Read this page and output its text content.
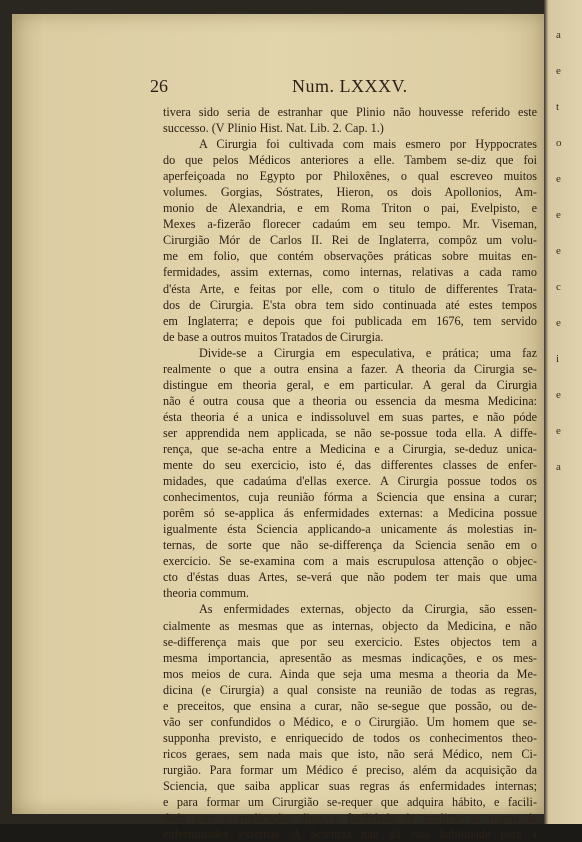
a
e
t
o
e
e
e
c
e
i
e
e
a
26	Num. LXXXV.
tivera sido seria de estranhar que Plinio não houvesse referido este
successo. (V Plinio Hist. Nat. Lib. 2. Cap. 1.)
A Cirurgia foi cultivada com mais esmero por Hyppocrates
do que pelos Médicos anteriores a elle. Tambem se-diz que foi
aperfeiçoada no Egypto por Philoxênes, o qual escreveo muitos
volumes. Gorgias, Sóstrates, Hieron, os dois Apollonios, Am-
monio de Alexandria, e em Roma Triton o pai, Evelpisto, e
Mexes a-fizerão florecer cadaúm em seu tempo. Mr. Viseman,
Cirurgião Mór de Carlos II. Rei de Inglaterra, compôz um volu-
me em folio, que contém observações práticas sobre muitas en-
fermidades, assim externas, como internas, relativas a cada ramo
d'ésta Arte, e feitas por elle, com o titulo de differentes Trata-
dos de Cirurgia. E'sta obra tem sido continuada até estes tempos
em Inglaterra; e depois que foi publicada em 1676, tem servido
de base a outros muitos Tratados de Cirurgia.
Divide-se a Cirurgia em especulativa, e prática; uma faz
realmente o que a outra ensina a fazer. A theoria da Cirurgia se-
distingue em theoria geral, e em particular. A geral da Cirurgia
não é outra cousa que a theoria ou essencia da mesma Medicina:
ésta theoria é a unica e indissoluvel em suas partes, e não póde
ser apprendida nem applicada, se não se-possue toda ella. A diffe-
rença, que se-acha entre a Medicina e a Cirurgia, se-deduz unica-
mente do seu exercicio, isto é, das differentes classes de enfer-
midades, que cadaúma d'ellas exerce. A Cirurgia possue todos os
conhecimentos, cuja reunião fórma a Sciencia que ensina a curar;
porêm só se-applica ás enfermidades externas: a Medicina possue
igualmente ésta Sciencia applicando-a unicamente ás molestias in-
ternas, de sorte que não se-differença da Sciencia senão em o
exercicio. Se se-examina com a mais escrupulosa attenção o objec-
cto d'éstas duas Artes, se-verá que não podem ter mais que uma
theoria commum.
As enfermidades externas, objecto da Cirurgia, são essen-
cialmente as mesmas que as internas, objecto da Medicina, e não
se-differença mais que por seu exercicio. Estes objectos tem a
mesma importancia, apresentão as mesmas indicações, e os mes-
mos meios de cura. Ainda que seja uma mesma a theoria da Me-
dicina (e Cirurgia) a qual consiste na reunião de todas as regras,
e preceitos, que ensina a curar, não se-segue que possão, ou de-
vão ser confundidos o Médico, e o Cirurgião. Um homem que se-
supponha previsto, e enriquecido de todos os conhecimentos theo-
ricos geraes, sem nada mais que isto, não será Médico, nem Ci-
rurgião. Para formar um Médico é preciso, além da acquisição da
Sciencia, que saiba applicar suas regras ás enfermidades internas;
e para formar um Cirurgião se-requer que adquira hábito, e facili-
dade para a applicação, digo, e facilidade de applicar as regras ás
enfermidades externas. A Sciencia não dá ésta habilidade para a
